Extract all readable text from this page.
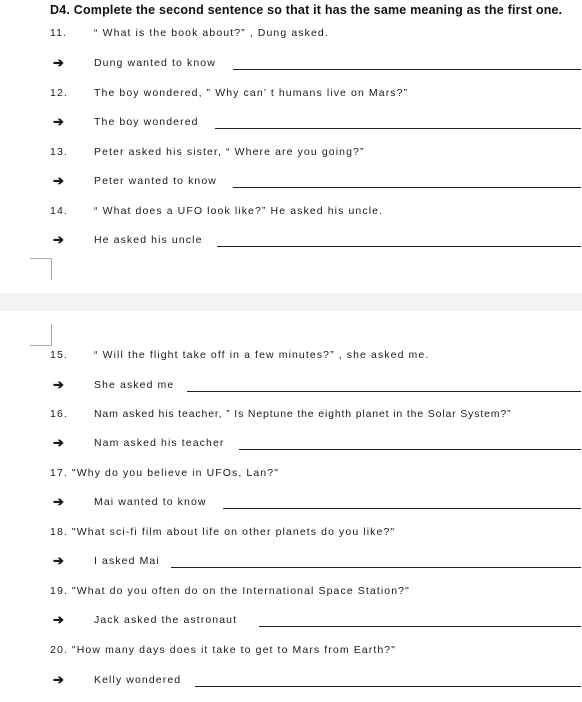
D4. Complete the second sentence so that it has the same meaning as the first one.
11.	“ What is the book about?” , Dung asked.
➔	Dung wanted to know
12. The boy wondered, ” Why can’ t humans live on Mars?”
➔	The boy wondered
13. Peter asked his sister, “ Where are you going?”
➔	Peter wanted to know
14. “ What does a UFO look like?” He asked his uncle.
➔	He asked his uncle
15. “ Will the flight take off in a few minutes?” , she asked me.
➔	She asked me
16. Nam asked his teacher, ” Is Neptune the eighth planet in the Solar System?”
➔	Nam asked his teacher
17. "Why do you believe in UFOs, Lan?"
➔	Mai wanted to know
18. "What sci-fi film about life on other planets do you like?"
➔	I asked Mai
19. "What do you often do on the International Space Station?"
➔	Jack asked the astronaut
20. "How many days does it take to get to Mars from Earth?"
➔	Kelly wondered
